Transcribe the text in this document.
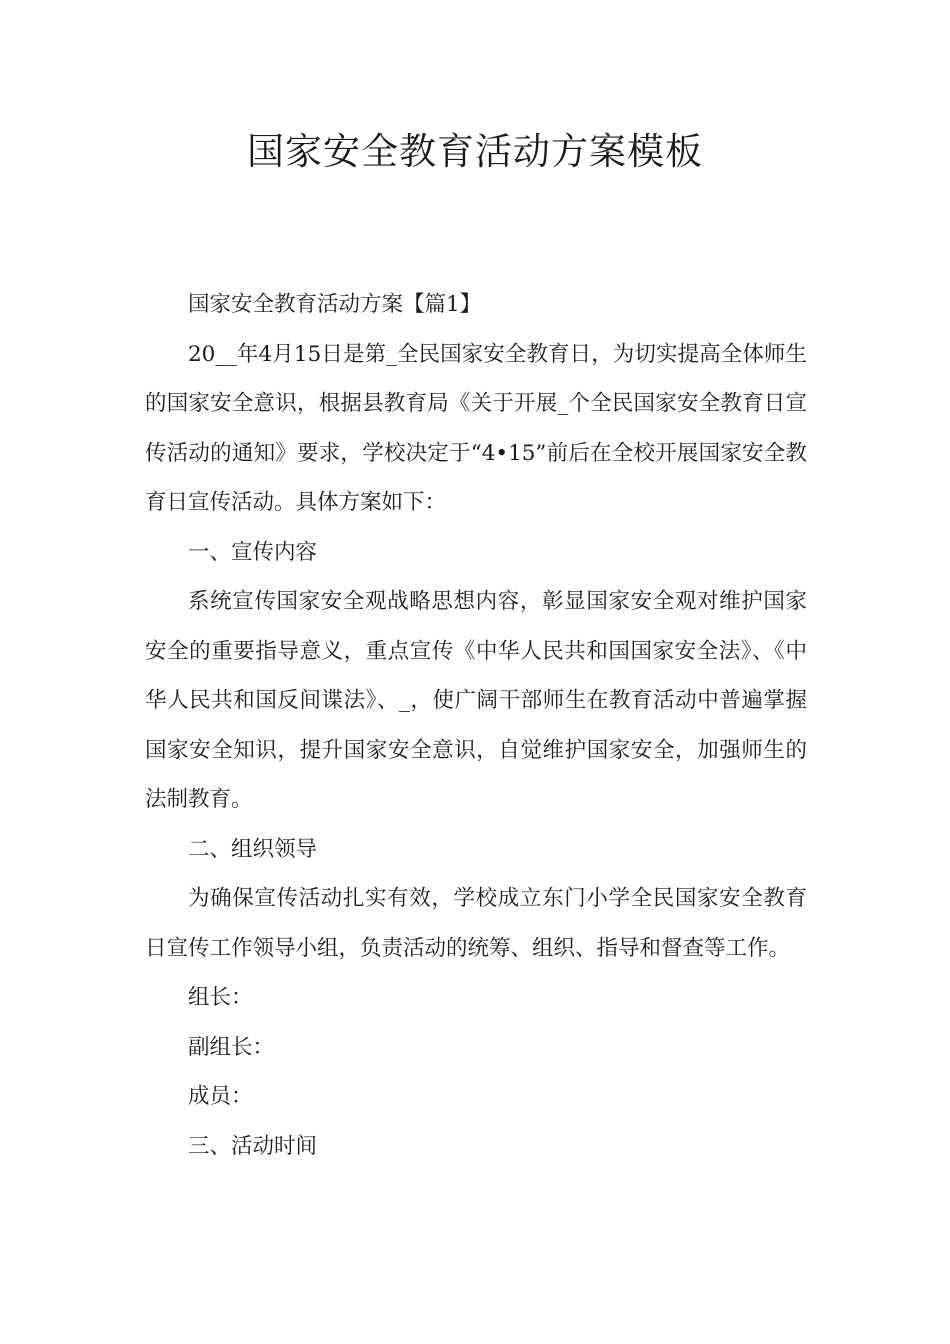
国家安全教育活动方案模板

国家安全教育活动方案【篇1】

20__年4月15日是第_全民国家安全教育日，为切实提高全体师生的国家安全意识，根据县教育局《关于开展_个全民国家安全教育日宣传活动的通知》要求，学校决定于“4•15”前后在全校开展国家安全教育日宣传活动。具体方案如下：

一、宣传内容

系统宣传国家安全观战略思想内容，彰显国家安全观对维护国家安全的重要指导意义，重点宣传《中华人民共和国国家安全法》、《中华人民共和国反间谍法》、_，使广阔干部师生在教育活动中普遍掌握国家安全知识，提升国家安全意识，自觉维护国家安全，加强师生的法制教育。

二、组织领导

为确保宣传活动扎实有效，学校成立东门小学全民国家安全教育日宣传工作领导小组，负责活动的统筹、组织、指导和督查等工作。

组长：

副组长：

成员：

三、活动时间
